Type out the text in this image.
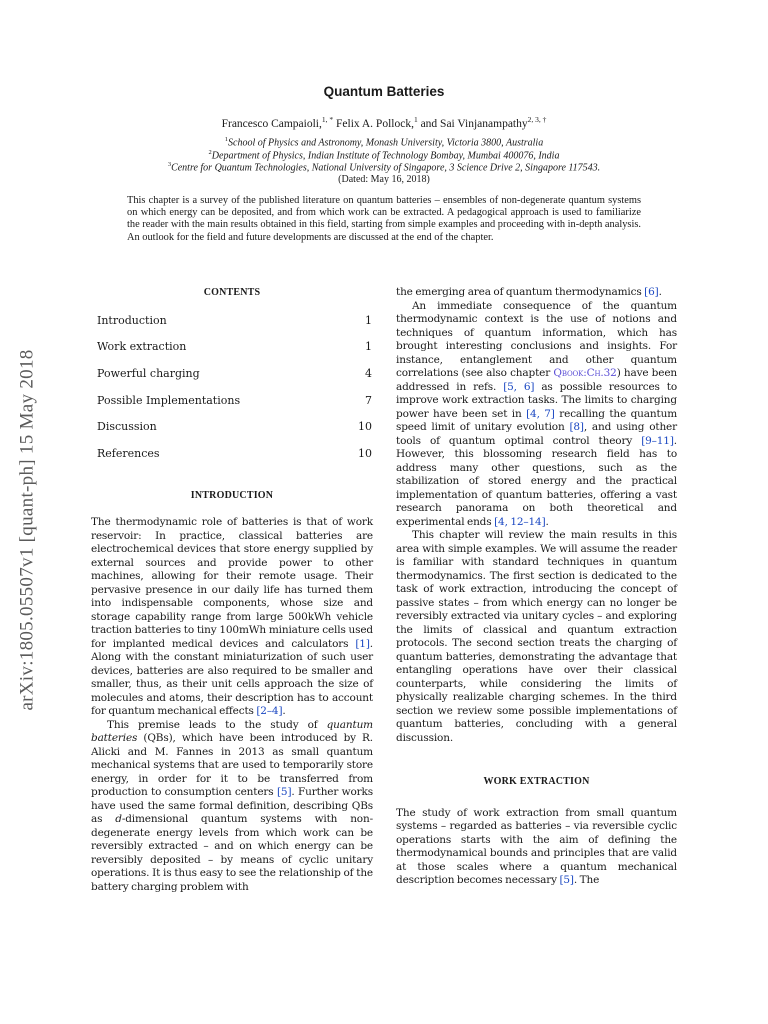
arXiv:1805.05507v1 [quant-ph] 15 May 2018
Quantum Batteries
Francesco Campaioli,$^{1, *}$ Felix A. Pollock,$^1$ and Sai Vinjanampathy$^{2, 3, \dagger}$
$^1$School of Physics and Astronomy, Monash University, Victoria 3800, Australia
$^2$Department of Physics, Indian Institute of Technology Bombay, Mumbai 400076, India
$^3$Centre for Quantum Technologies, National University of Singapore, 3 Science Drive 2, Singapore 117543.
(Dated: May 16, 2018)
This chapter is a survey of the published literature on quantum batteries – ensembles of non-degenerate quantum systems on which energy can be deposited, and from which work can be extracted. A pedagogical approach is used to familiarize the reader with the main results obtained in this field, starting from simple examples and proceeding with in-depth analysis. An outlook for the field and future developments are discussed at the end of the chapter.
CONTENTS
Introduction	1
Work extraction	1
Powerful charging	4
Possible Implementations	7
Discussion	10
References	10
INTRODUCTION

The thermodynamic role of batteries is that of work reservoir: In practice, classical batteries are electrochemical devices that store energy supplied by external sources and provide power to other machines, allowing for their remote usage. Their pervasive presence in our daily life has turned them into indispensable components, whose size and storage capability range from large 500kWh vehicle traction batteries to tiny 100mWh miniature cells used for implanted medical devices and calculators [1]. Along with the constant miniaturization of such user devices, batteries are also required to be smaller and smaller, thus, as their unit cells approach the size of molecules and atoms, their description has to account for quantum mechanical effects [2–4].

This premise leads to the study of quantum batteries (QBs), which have been introduced by R. Alicki and M. Fannes in 2013 as small quantum mechanical systems that are used to temporarily store energy, in order for it to be transferred from production to consumption centers [5]. Further works have used the same formal definition, describing QBs as d-dimensional quantum systems with non-degenerate energy levels from which work can be reversibly extracted – and on which energy can be reversibly deposited – by means of cyclic unitary operations. It is thus easy to see the relationship of the battery charging problem with

the emerging area of quantum thermodynamics [6].

An immediate consequence of the quantum thermodynamic context is the use of notions and techniques of quantum information, which has brought interesting conclusions and insights. For instance, entanglement and other quantum correlations (see also chapter Qbook:Ch.32) have been addressed in refs. [5, 6] as possible resources to improve work extraction tasks. The limits to charging power have been set in [4, 7] recalling the quantum speed limit of unitary evolution [8], and using other tools of quantum optimal control theory [9–11]. However, this blossoming research field has to address many other questions, such as the stabilization of stored energy and the practical implementation of quantum batteries, offering a vast research panorama on both theoretical and experimental ends [4, 12–14].

This chapter will review the main results in this area with simple examples. We will assume the reader is familiar with standard techniques in quantum thermodynamics. The first section is dedicated to the task of work extraction, introducing the concept of passive states – from which energy can no longer be reversibly extracted via unitary cycles – and exploring the limits of classical and quantum extraction protocols. The second section treats the charging of quantum batteries, demonstrating the advantage that entangling operations have over their classical counterparts, while considering the limits of physically realizable charging schemes. In the third section we review some possible implementations of quantum batteries, concluding with a general discussion.

WORK EXTRACTION

The study of work extraction from small quantum systems – regarded as batteries – via reversible cyclic operations starts with the aim of defining the thermodynamical bounds and principles that are valid at those scales where a quantum mechanical description becomes necessary [5]. The
